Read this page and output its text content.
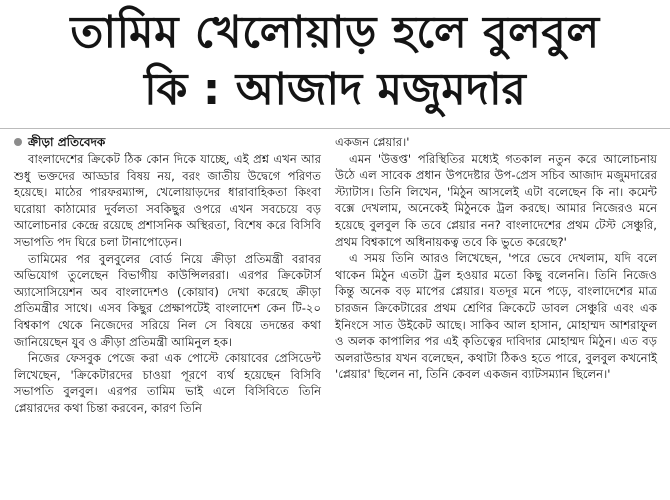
তামিম খেলোয়াড় হলে বুলবুল
কি : আজাদ মজুমদার
ক্রীড়া প্রতিবেদক

বাংলাদেশের ক্রিকেট ঠিক কোন দিকে যাচ্ছে, এই প্রশ্ন এখন আর শুধু ভক্তদের আড্ডার বিষয় নয়, বরং জাতীয় উদ্বেগে পরিণত হয়েছে। মাঠের পারফরম্যান্স, খেলোয়াড়দের ধারাবাহিকতা কিংবা ঘরোয়া কাঠামোর দুর্বলতা সবকিছুর ওপরে এখন সবচেয়ে বড় আলোচনার কেন্দ্রে রয়েছে প্রশাসনিক অস্থিরতা, বিশেষ করে বিসিবি সভাপতি পদ ঘিরে চলা টানাপোড়েন।

তামিমের পর বুলবুলের বোর্ড নিয়ে ক্রীড়া প্রতিমন্ত্রী বরাবর অভিযোগ তুলেছেন বিভাগীয় কাউন্সিলররা। এরপর ক্রিকেটার্স অ্যাসোসিয়েশন অব বাংলাদেশও (কোয়াব) দেখা করেছে ক্রীড়া প্রতিমন্ত্রীর সাথে। এসব কিছুর প্রেক্ষাপটেই বাংলাদেশ কেন টি-২০ বিশ্বকাপ থেকে নিজেদের সরিয়ে নিল সে বিষয়ে তদন্তের কথা জানিয়েছেন যুব ও ক্রীড়া প্রতিমন্ত্রী আমিনুল হক।

নিজের ফেসবুক পেজে করা এক পোস্টে কোয়াবের প্রেসিডেন্ট লিখেছেন, 'ক্রিকেটারদের চাওয়া পূরণে ব্যর্থ হয়েছেন বিসিবি সভাপতি বুলবুল। এরপর তামিম ভাই এলে বিসিবিতে তিনি প্লেয়ারদের কথা চিন্তা করবেন, কারণ তিনি

একজন প্লেয়ার।'

এমন 'উত্তপ্ত' পরিস্থিতির মধ্যেই গতকাল নতুন করে আলোচনায় উঠে এল সাবেক প্রধান উপদেষ্টার উপ-প্রেস সচিব আজাদ মজুমদারের স্ট্যাটাস। তিনি লিখেন, 'মিঠুন আসলেই এটা বলেছেন কি না। কমেন্ট বক্সে দেখলাম, অনেকেই মিঠুনকে ট্রল করছে। আমার নিজেরও মনে হয়েছে বুলবুল কি তবে প্লেয়ার নন? বাংলাদেশের প্রথম টেস্ট সেঞ্চুরি, প্রথম বিশ্বকাপে অধিনায়কত্ব তবে কি ভুতে করেছে?'

এ সময় তিনি আরও লিখেছেন, 'পরে ভেবে দেখলাম, যদি বলে থাকেন মিঠুন এতটা ট্রল হওয়ার মতো কিছু বলেননি। তিনি নিজেও কিন্তু অনেক বড় মাপের প্লেয়ার। যতদূর মনে পড়ে, বাংলাদেশের মাত্র চারজন ক্রিকেটারের প্রথম শ্রেণির ক্রিকেটে ডাবল সেঞ্চুরি এবং এক ইনিংসে সাত উইকেট আছে। সাকিব আল হাসান, মোহাম্মদ আশরাফুল ও অলক কাপালির পর এই কৃতিত্বের দাবিদার মোহাম্মদ মিঠুন। এত বড় অলরাউন্ডার যখন বলেছেন, কথাটা ঠিকও হতে পারে, বুলবুল কখনোই 'প্লেয়ার' ছিলেন না, তিনি কেবল একজন ব্যাটসম্যান ছিলেন।'
